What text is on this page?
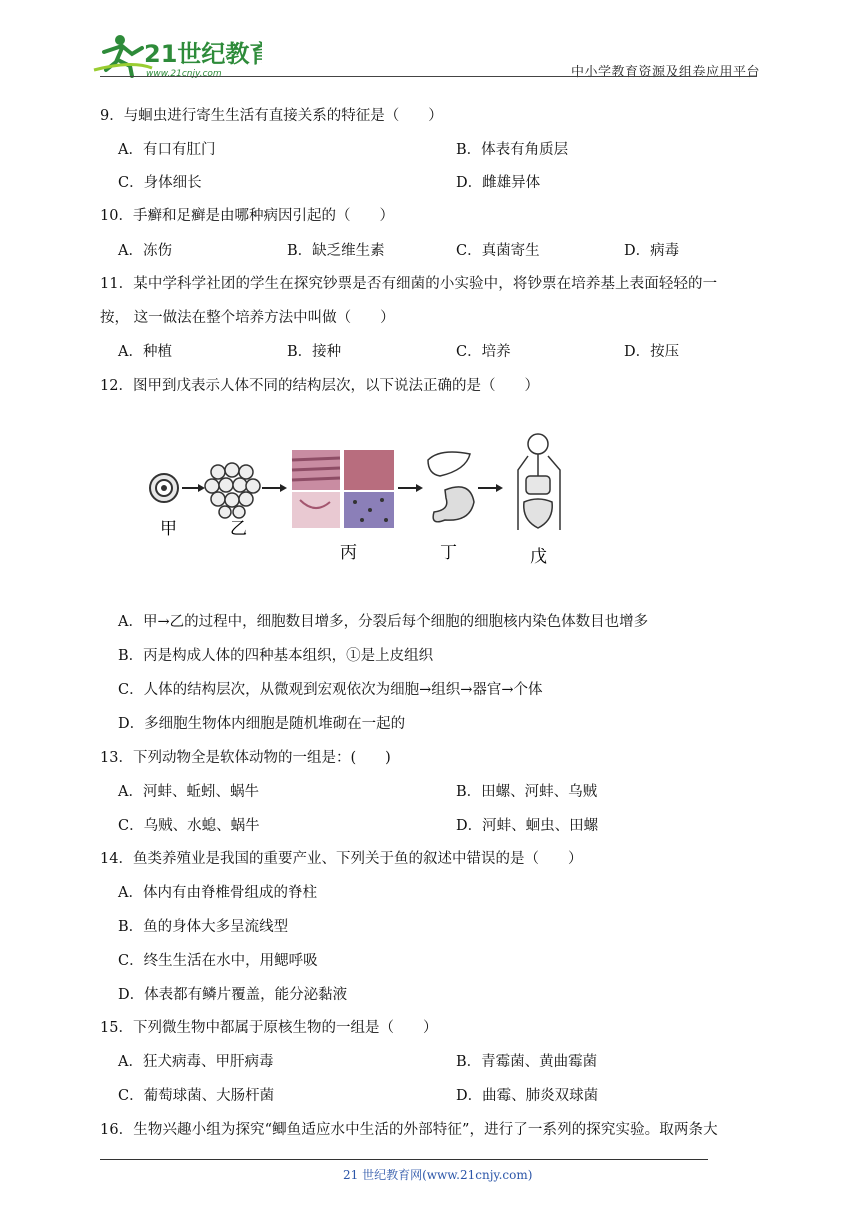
21世纪教育
www.21cnjy.com	中小学教育资源及组卷应用平台
9．与蛔虫进行寄生生活有直接关系的特征是（　　）
A．有口有肛门	B．体表有角质层
C．身体细长	D．雌雄异体
10．手癣和足癣是由哪种病因引起的（　　）
A．冻伤	B．缺乏维生素	C．真菌寄生	D．病毒
11．某中学科学社团的学生在探究钞票是否有细菌的小实验中，将钞票在培养基上表面轻轻的一
按， 这一做法在整个培养方法中叫做（　　）
A．种植	B．接种	C．培养	D．按压
12．图甲到戊表示人体不同的结构层次，以下说法正确的是（　　）
甲	乙
丙	丁	戊
A．甲→乙的过程中，细胞数目增多，分裂后每个细胞的细胞核内染色体数目也增多
B．丙是构成人体的四种基本组织，①是上皮组织
C．人体的结构层次，从微观到宏观依次为细胞→组织→器官→个体
D．多细胞生物体内细胞是随机堆砌在一起的
13．下列动物全是软体动物的一组是：(　　)
A．河蚌、蚯蚓、蜗牛	B．田螺、河蚌、乌贼
C．乌贼、水螅、蜗牛	D．河蚌、蛔虫、田螺
14．鱼类养殖业是我国的重要产业、下列关于鱼的叙述中错误的是（　　）
A．体内有由脊椎骨组成的脊柱
B．鱼的身体大多呈流线型
C．终生生活在水中，用鳃呼吸
D．体表都有鳞片覆盖，能分泌黏液
15．下列微生物中都属于原核生物的一组是（　　）
A．狂犬病毒、甲肝病毒	B．青霉菌、黄曲霉菌
C．葡萄球菌、大肠杆菌	D．曲霉、肺炎双球菌
16．生物兴趣小组为探究“鲫鱼适应水中生活的外部特征”，进行了一系列的探究实验。取两条大
21 世纪教育网(www.21cnjy.com)
